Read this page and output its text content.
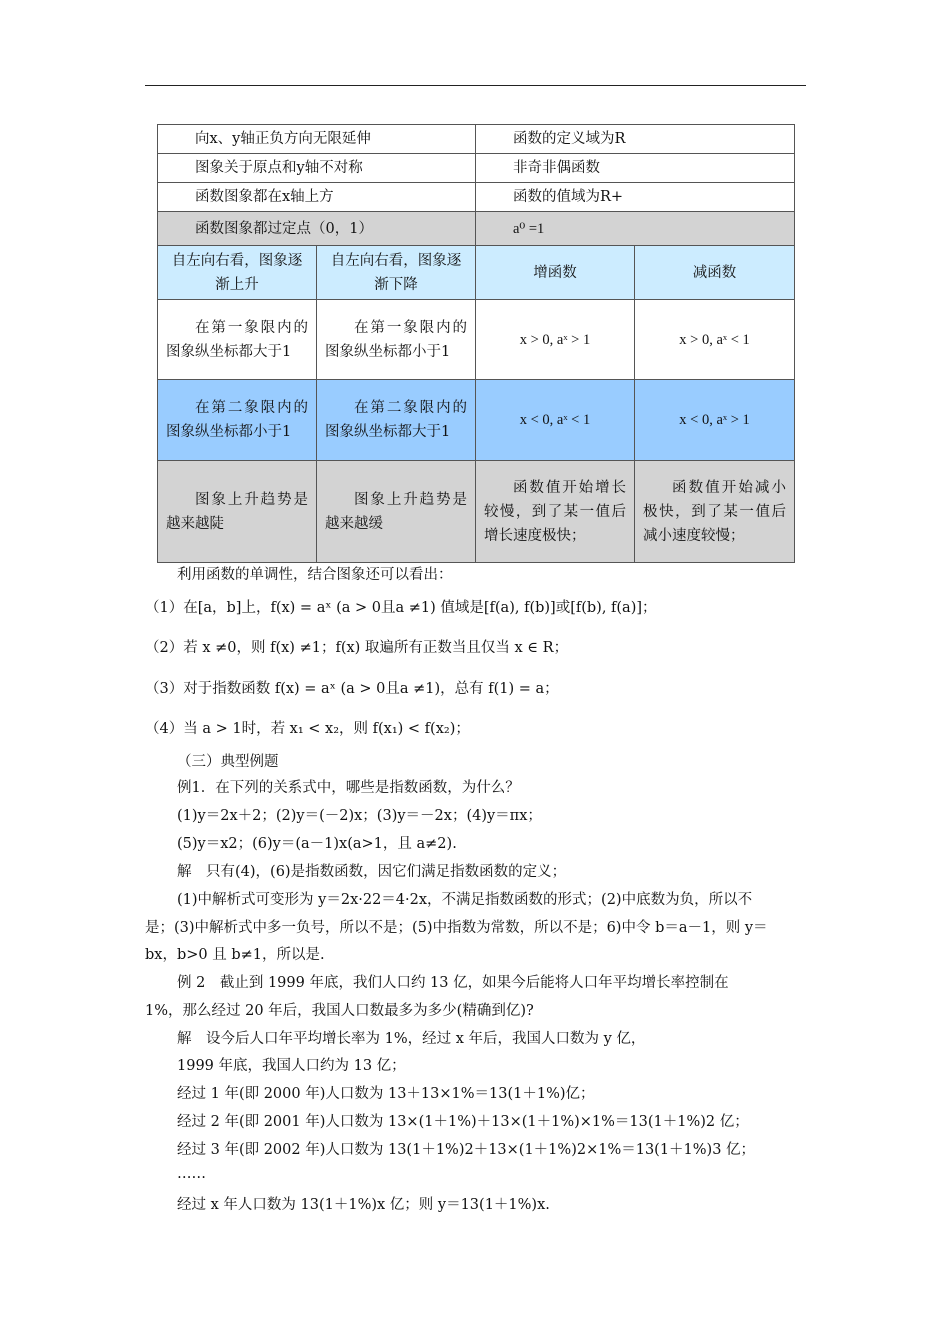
向x、y轴正负方向无限延伸		函数的定义域为R	
图象关于原点和y轴不对称		非奇非偶函数	
函数图象都在x轴上方		函数的值域为R+	
函数图象都过定点（0，1）		a⁰ =1	
自左向右看，图象逐渐上升	自左向右看，图象逐渐下降	增函数	减函数
在第一象限内的图象纵坐标都大于1	在第一象限内的图象纵坐标都小于1	x > 0, aˣ > 1	x > 0, aˣ < 1
在第二象限内的图象纵坐标都小于1	在第二象限内的图象纵坐标都大于1	x < 0, aˣ < 1	x < 0, aˣ > 1
图象上升趋势是越来越陡	图象上升趋势是越来越缓	函数值开始增长较慢，到了某一值后增长速度极快；	函数值开始减小极快，到了某一值后减小速度较慢；
利用函数的单调性，结合图象还可以看出：
（1）在[a，b]上，f(x) = aˣ (a > 0且a ≠1) 值域是[f(a), f(b)]或[f(b), f(a)]；
（2）若 x ≠0，则 f(x) ≠1；f(x) 取遍所有正数当且仅当 x ∈ R；
（3）对于指数函数 f(x) = aˣ (a > 0且a ≠1)，总有 f(1) = a；
（4）当 a > 1时，若 x₁ < x₂，则 f(x₁) < f(x₂)；
（三）典型例题
例1．在下列的关系式中，哪些是指数函数，为什么？
(1)y＝2x＋2；(2)y＝(－2)x；(3)y＝－2x；(4)y＝πx；
(5)y＝x2；(6)y＝(a－1)x(a>1，且 a≠2).
解　只有(4)，(6)是指数函数，因它们满足指数函数的定义；
(1)中解析式可变形为 y＝2x·22＝4·2x，不满足指数函数的形式；(2)中底数为负，所以不
是；(3)中解析式中多一负号，所以不是；(5)中指数为常数，所以不是；6)中令 b＝a－1，则 y＝
bx，b>0 且 b≠1，所以是.
例 2　截止到 1999 年底，我们人口约 13 亿，如果今后能将人口年平均增长率控制在
1%，那么经过 20 年后，我国人口数最多为多少(精确到亿)?
解　设今后人口年平均增长率为 1%，经过 x 年后，我国人口数为 y 亿，
1999 年底，我国人口约为 13 亿；
经过 1 年(即 2000 年)人口数为 13＋13×1%＝13(1＋1%)亿；
经过 2 年(即 2001 年)人口数为 13×(1＋1%)＋13×(1＋1%)×1%＝13(1＋1%)2 亿；
经过 3 年(即 2002 年)人口数为 13(1＋1%)2＋13×(1＋1%)2×1%＝13(1＋1%)3 亿；
……
经过 x 年人口数为 13(1＋1%)x 亿；则 y＝13(1＋1%)x.
